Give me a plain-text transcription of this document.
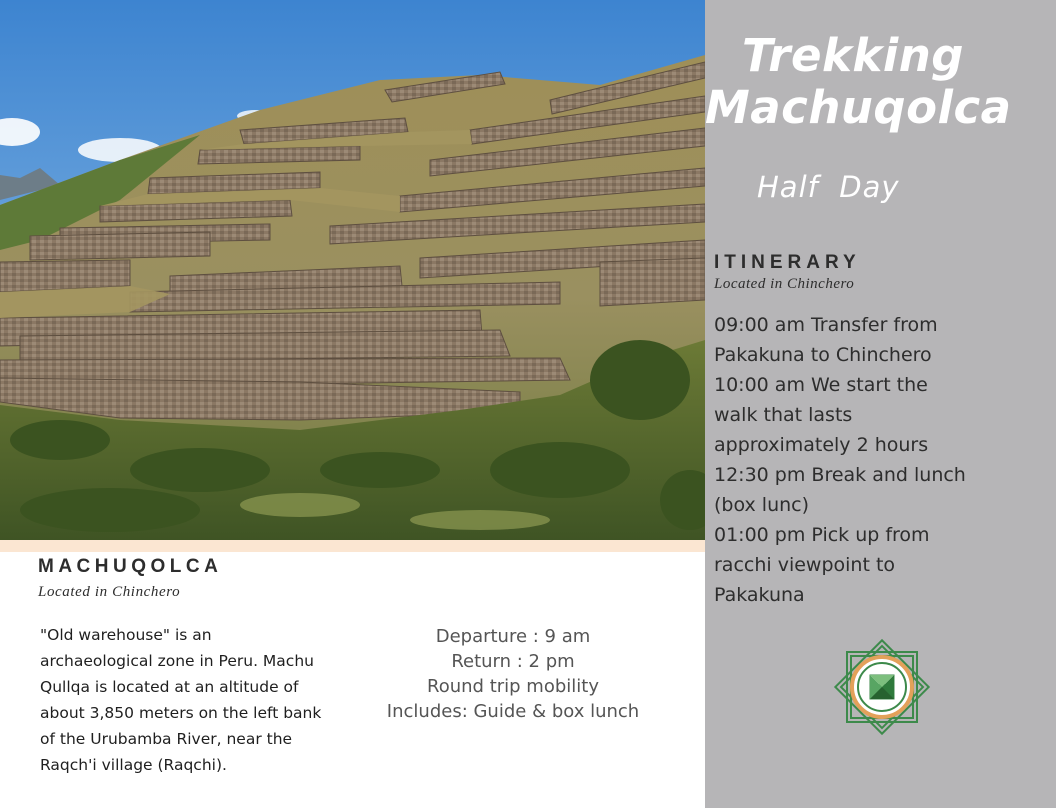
Trekking
Machuqolca
Half  Day
ITINERARY
Located in Chinchero

09:00 am Transfer from

Pakakuna to Chinchero

10:00 am We start the

walk that lasts

approximately 2 hours

12:30 pm Break and lunch

(box lunc)

01:00 pm Pick up from

racchi viewpoint to

Pakakuna

MACHUQOLCA
Located in Chinchero
"Old warehouse" is an
archaeological zone in Peru. Machu
Qullqa is located at an altitude of
about 3,850 meters on the left bank
of the Urubamba River, near the
Raqch'i village (Raqchi).
Departure : 9 am
Return : 2 pm
Round trip mobility
Includes: Guide & box lunch
